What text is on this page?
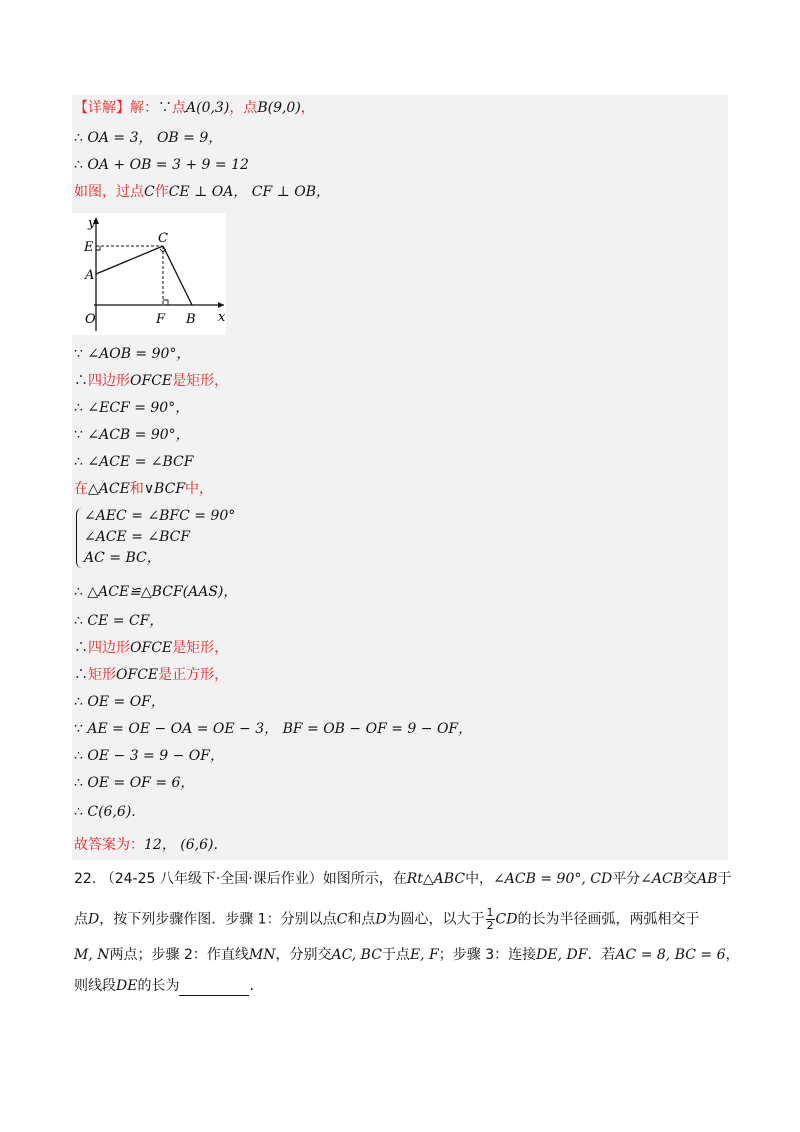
【详解】解：∵点A(0,3)，点B(9,0)，
∴ OA = 3， OB = 9，
∴ OA + OB = 3 + 9 = 12
如图，过点C作CE ⊥ OA， CF ⊥ OB，
y
x
E
C
A
O	F B
∵ ∠AOB = 90°，
∴四边形OFCE是矩形，
∴ ∠ECF = 90°，
∵ ∠ACB = 90°，
∴ ∠ACE = ∠BCF
在△ACE和∨BCF中，
∠AEC = ∠BFC = 90°
∠ACE = ∠BCF
AC = BC，
∴ △ACE≌△BCF(AAS)，
∴ CE = CF，
∴四边形OFCE是矩形，
∴矩形OFCE是正方形，
∴ OE = OF，
∵ AE = OE − OA = OE − 3， BF = OB − OF = 9 − OF，
∴ OE − 3 = 9 − OF，
∴ OE = OF = 6，
∴ C(6,6).
故答案为：12， (6,6).
22. （24-25 八年级下·全国·课后作业）如图所示，在Rt△ABC中，∠ACB = 90°, CD平分∠ACB交AB于
点D，按下列步骤作图．步骤 1：分别以点C和点D为圆心，以大于 $\frac{1}{2}$ CD的长为半径画弧，两弧相交于
M, N两点；步骤 2：作直线MN，分别交AC, BC于点E, F；步骤 3：连接DE, DF．若AC = 8, BC = 6，
则线段DE的长为	.
